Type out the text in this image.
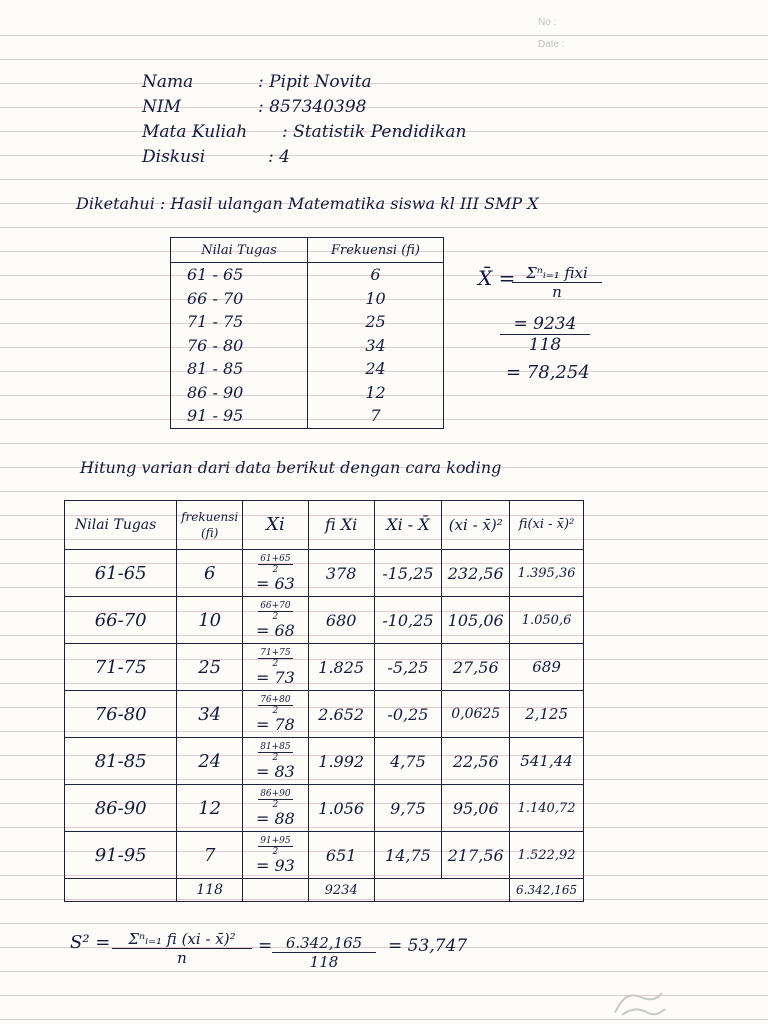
No :
Date :
Nama	: Pipit Novita
NIM	: 857340398
Mata Kuliah : Statistik Pendidikan
Diskusi	: 4
Diketahui : Hasil ulangan Matematika siswa kl III SMP X
Nilai Tugas	Frekuensi (fi)
61 - 65	6
66 - 70	10
71 - 75	25
76 - 80	34
81 - 85	24
86 - 90	12
91 - 95	7
X̄ = Σⁿᵢ₌₁ fixi
n
$\frac{= 9234}{118}$
= 78,254
Hitung varian dari data berikut dengan cara koding
Nilai Tugas	frekuensi (fi)	Xi	fi Xi	Xi - X̄	(xi - x̄)²	fi(xi - x̄)²
61-65	6	61+65
2
= 63	378	-15,25	232,56	1.395,36
66-70	10	66+70
2
= 68	680	-10,25	105,06	1.050,6
71-75	25	71+75
2
= 73	1.825	-5,25	27,56	689
76-80	34	76+80
2
= 78	2.652	-0,25	0,0625	2,125
81-85	24	81+85
2
= 83	1.992	4,75	22,56	541,44
86-90	12	86+90
2
= 88	1.056	9,75	95,06	1.140,72
91-95	7	91+95
2
= 93	651	14,75	217,56	1.522,92
	118		9234			6.342,165
S² =	Σⁿᵢ₌₁ fi (xi - x̄)²
n
= $\frac{6.342,165}{118} = 53,747$
